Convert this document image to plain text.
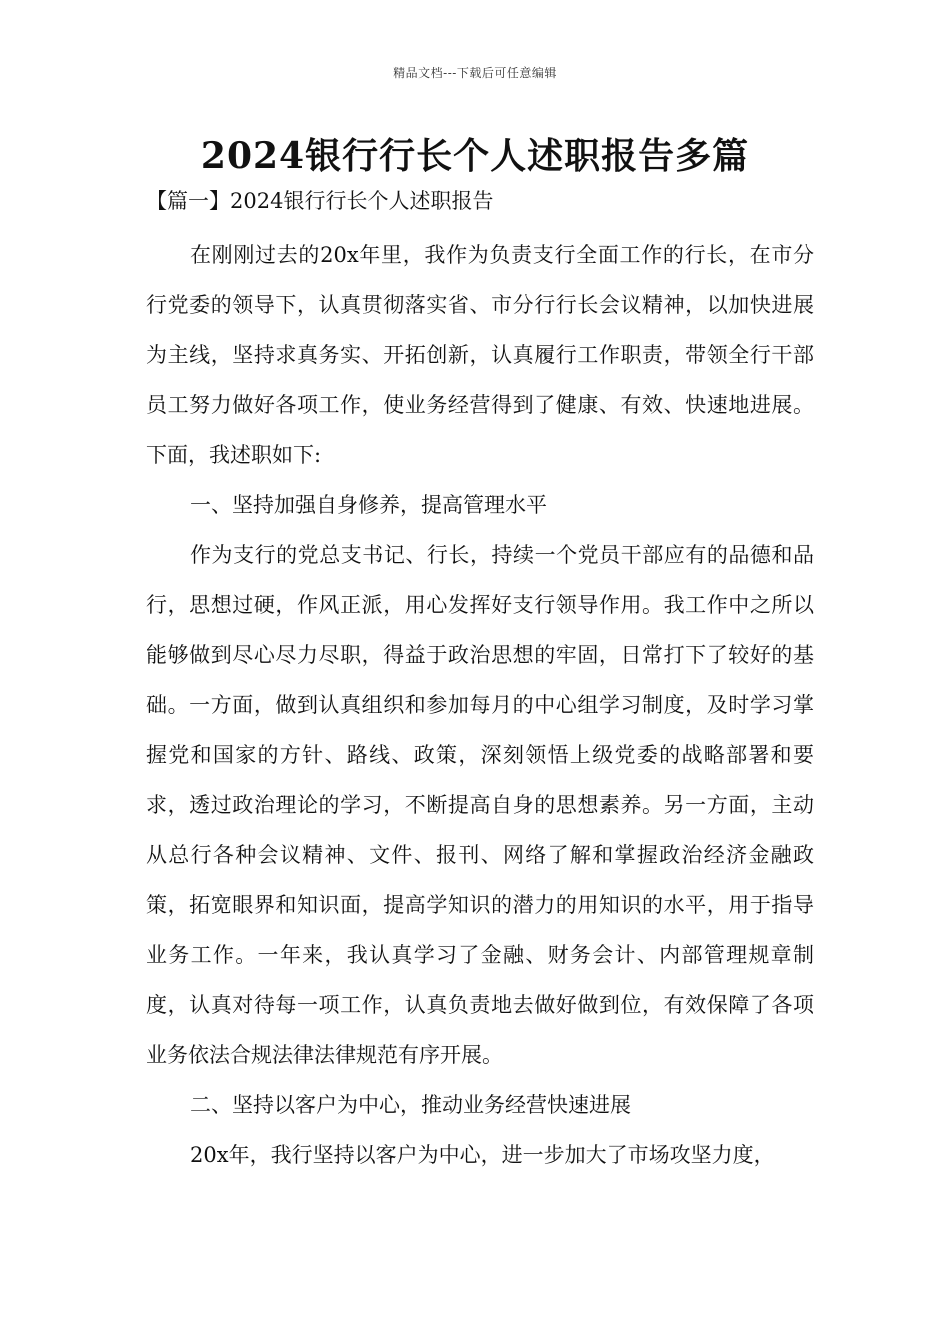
精品文档---下载后可任意编辑
2024银行行长个人述职报告多篇
【篇一】2024银行行长个人述职报告

在刚刚过去的20x年里，我作为负责支行全面工作的行长，在市分行党委的领导下，认真贯彻落实省、市分行行长会议精神，以加快进展为主线，坚持求真务实、开拓创新，认真履行工作职责，带领全行干部员工努力做好各项工作，使业务经营得到了健康、有效、快速地进展。下面，我述职如下:

一、坚持加强自身修养，提高管理水平

作为支行的党总支书记、行长，持续一个党员干部应有的品德和品行，思想过硬，作风正派，用心发挥好支行领导作用。我工作中之所以能够做到尽心尽力尽职，得益于政治思想的牢固，日常打下了较好的基础。一方面，做到认真组织和参加每月的中心组学习制度，及时学习掌握党和国家的方针、路线、政策，深刻领悟上级党委的战略部署和要求，透过政治理论的学习，不断提高自身的思想素养。另一方面，主动从总行各种会议精神、文件、报刊、网络了解和掌握政治经济金融政策，拓宽眼界和知识面，提高学知识的潜力的用知识的水平，用于指导业务工作。一年来，我认真学习了金融、财务会计、内部管理规章制度，认真对待每一项工作，认真负责地去做好做到位，有效保障了各项业务依法合规法律法律规范有序开展。

二、坚持以客户为中心，推动业务经营快速进展

20x年，我行坚持以客户为中心，进一步加大了市场攻坚力度，
